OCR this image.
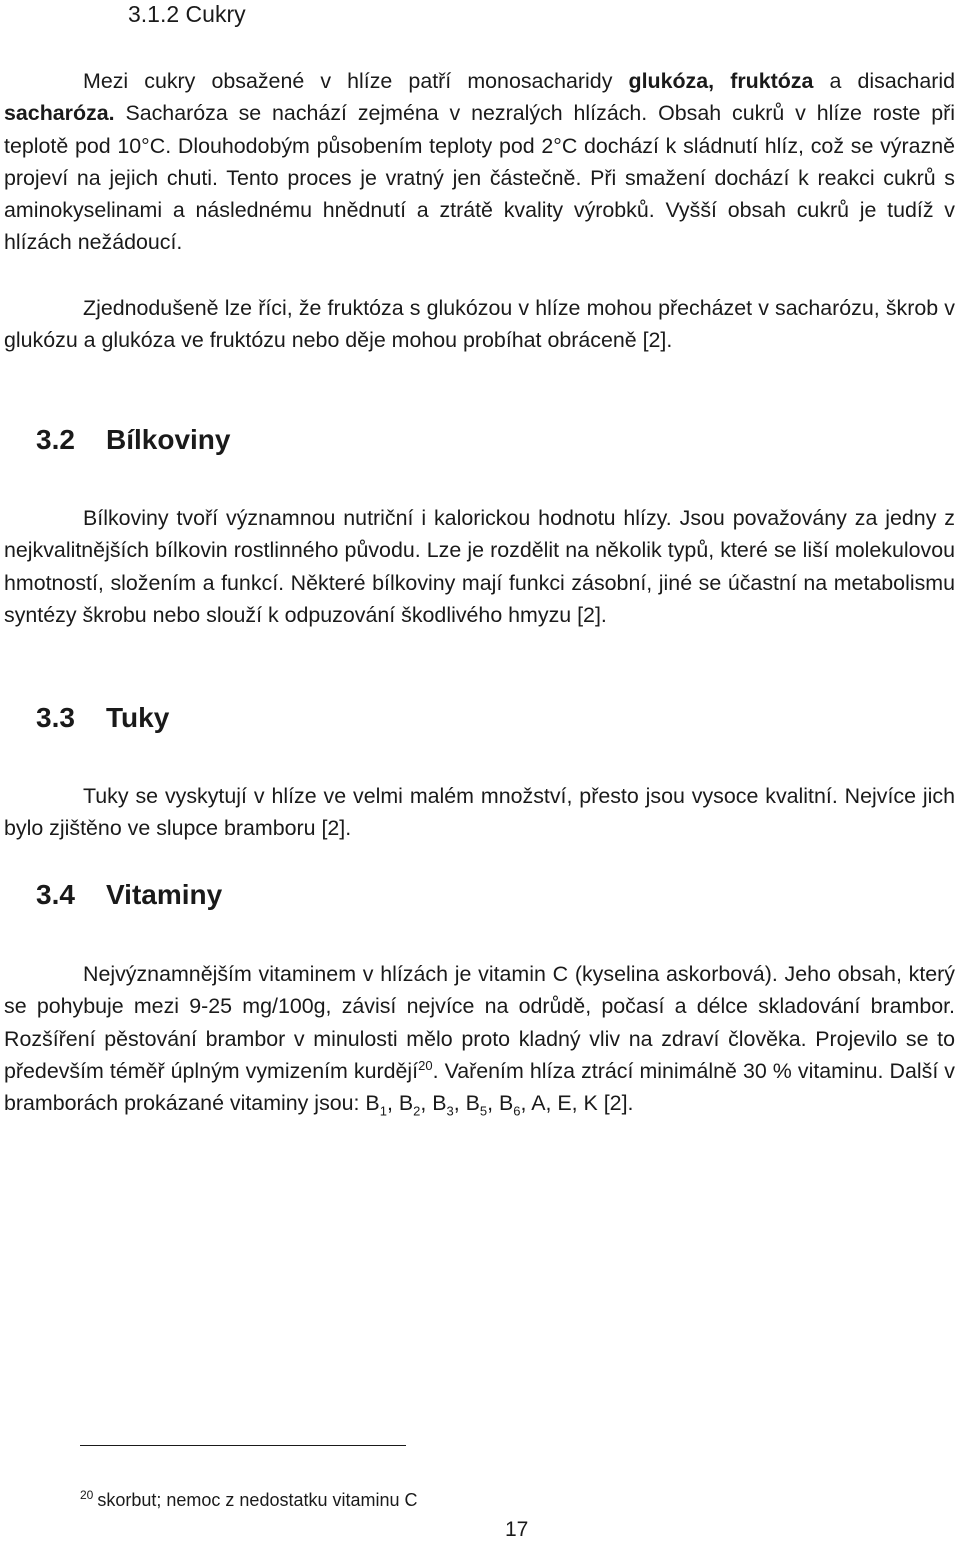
3.1.2 Cukry

Mezi cukry obsažené v hlíze patří monosacharidy glukóza, fruktóza a disacharid sacharóza. Sacharóza se nachází zejména v nezralých hlízách. Obsah cukrů v hlíze roste při teplotě pod 10°C. Dlouhodobým působením teploty pod 2°C dochází k sládnutí hlíz, což se výrazně projeví na jejich chuti. Tento proces je vratný jen částečně. Při smažení dochází k reakci cukrů s aminokyselinami a následnému hnědnutí a ztrátě kvality výrobků. Vyšší obsah cukrů je tudíž v hlízách nežádoucí.

Zjednodušeně lze říci, že fruktóza s glukózou v hlíze mohou přecházet v sacharózu, škrob v glukózu a glukóza ve fruktózu nebo děje mohou probíhat obráceně [2].

3.2 Bílkoviny

Bílkoviny tvoří významnou nutriční i kalorickou hodnotu hlízy. Jsou považovány za jedny z nejkvalitnějších bílkovin rostlinného původu. Lze je rozdělit na několik typů, které se liší molekulovou hmotností, složením a funkcí. Některé bílkoviny mají funkci zásobní, jiné se účastní na metabolismu syntézy škrobu nebo slouží k odpuzování škodlivého hmyzu [2].

3.3 Tuky

Tuky se vyskytují v hlíze ve velmi malém množství, přesto jsou vysoce kvalitní. Nejvíce jich bylo zjištěno ve slupce bramboru [2].

3.4 Vitaminy

Nejvýznamnějším vitaminem v hlízách je vitamin C (kyselina askorbová). Jeho obsah, který se pohybuje mezi 9-25 mg/100g, závisí nejvíce na odrůdě, počasí a délce skladování brambor. Rozšíření pěstování brambor v minulosti mělo proto kladný vliv na zdraví člověka. Projevilo se to především téměř úplným vymizením kurdějí$^{20}$. Vařením hlíza ztrácí minimálně 30 % vitaminu. Další v bramborách prokázané vitaminy jsou: $B_1$, $B_2$, $B_3$, $B_5$, $B_6$, A, E, K [2].

$^{20}$ skorbut; nemoc z nedostatku vitaminu C
17
